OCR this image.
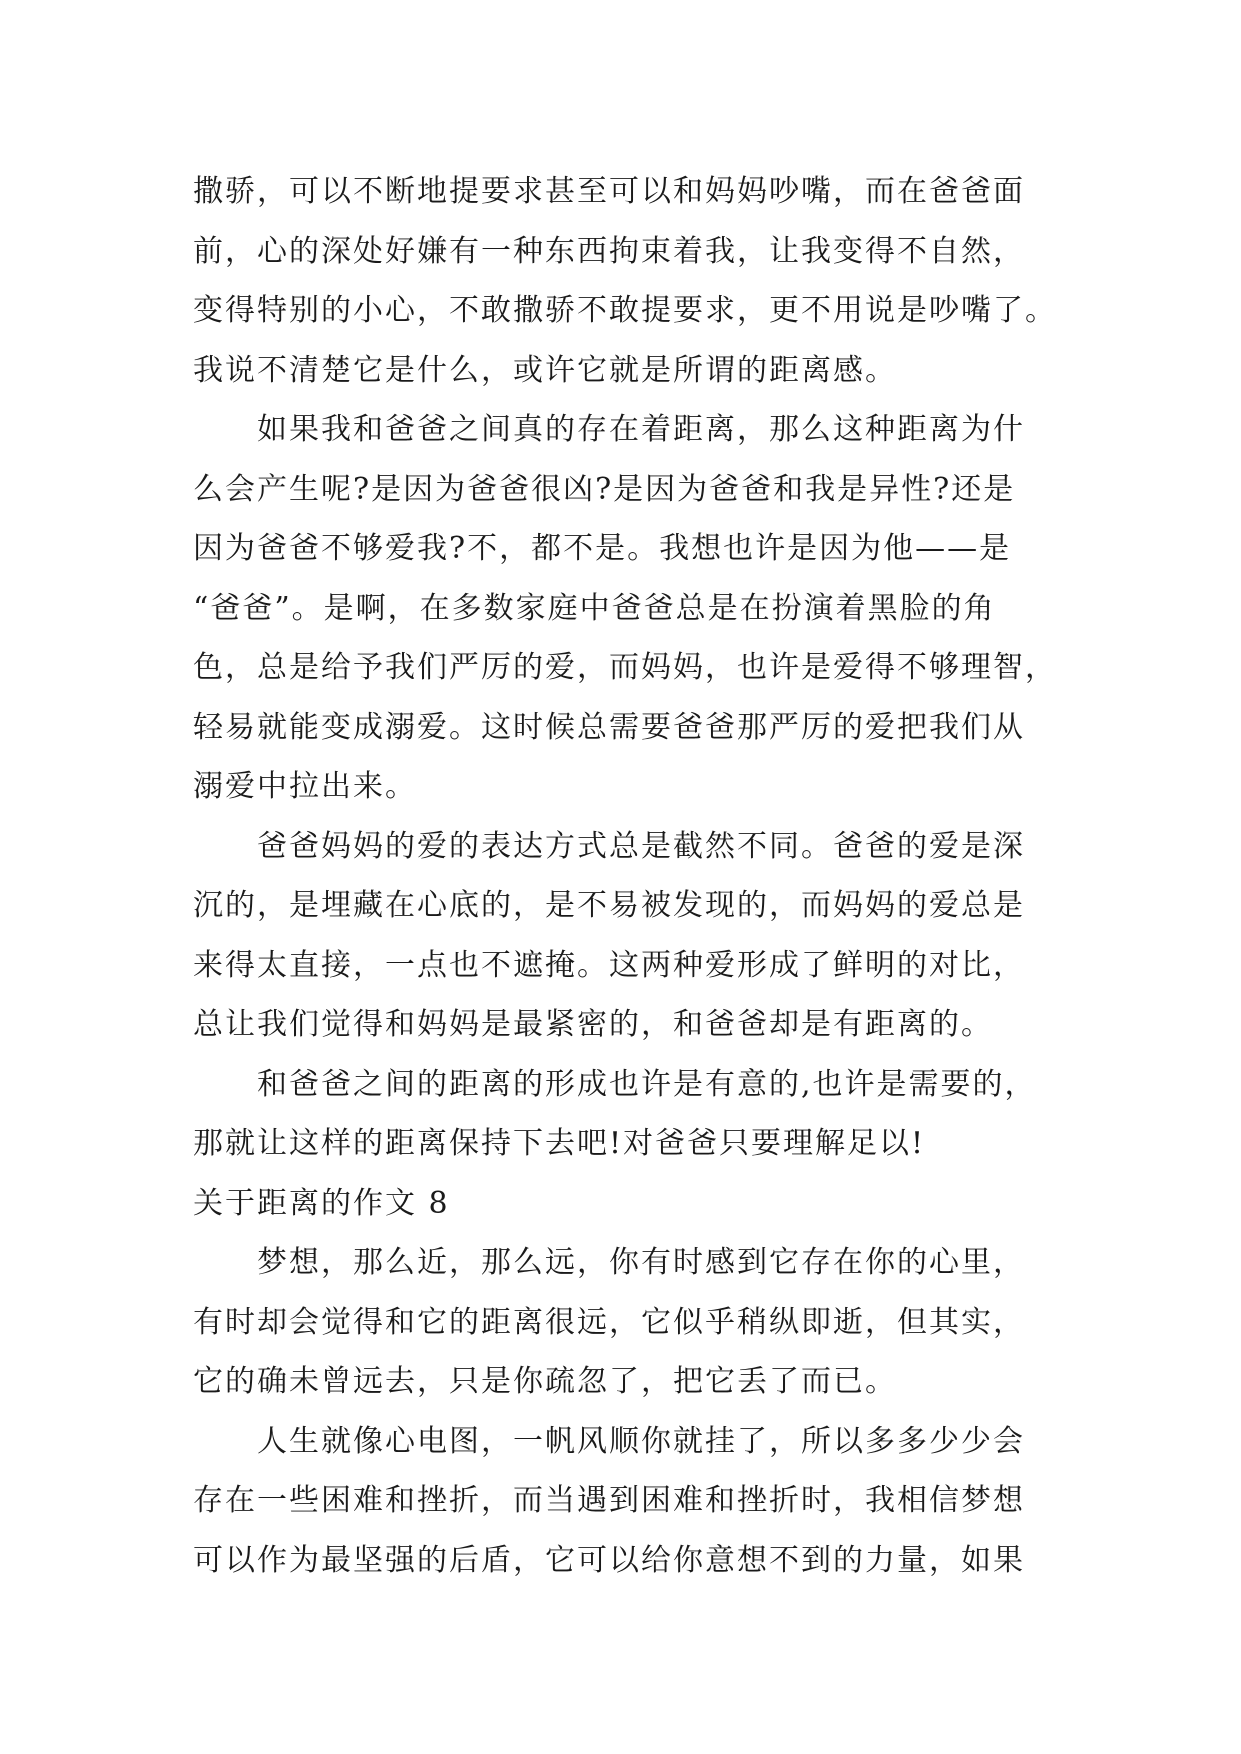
撒骄，可以不断地提要求甚至可以和妈妈吵嘴，而在爸爸面
前，心的深处好嫌有一种东西拘束着我，让我变得不自然，
变得特别的小心，不敢撒骄不敢提要求，更不用说是吵嘴了。
我说不清楚它是什么，或许它就是所谓的距离感。
如果我和爸爸之间真的存在着距离，那么这种距离为什
么会产生呢?是因为爸爸很凶?是因为爸爸和我是异性?还是
因为爸爸不够爱我?不，都不是。我想也许是因为他——是
“爸爸”。是啊，在多数家庭中爸爸总是在扮演着黑脸的角
色，总是给予我们严厉的爱，而妈妈，也许是爱得不够理智，
轻易就能变成溺爱。这时候总需要爸爸那严厉的爱把我们从
溺爱中拉出来。
爸爸妈妈的爱的表达方式总是截然不同。爸爸的爱是深
沉的，是埋藏在心底的，是不易被发现的，而妈妈的爱总是
来得太直接，一点也不遮掩。这两种爱形成了鲜明的对比，
总让我们觉得和妈妈是最紧密的，和爸爸却是有距离的。
和爸爸之间的距离的形成也许是有意的,也许是需要的，
那就让这样的距离保持下去吧!对爸爸只要理解足以!
关于距离的作文 8
梦想，那么近，那么远，你有时感到它存在你的心里，
有时却会觉得和它的距离很远，它似乎稍纵即逝，但其实，
它的确未曾远去，只是你疏忽了，把它丢了而已。
人生就像心电图，一帆风顺你就挂了，所以多多少少会
存在一些困难和挫折，而当遇到困难和挫折时，我相信梦想
可以作为最坚强的后盾，它可以给你意想不到的力量，如果
